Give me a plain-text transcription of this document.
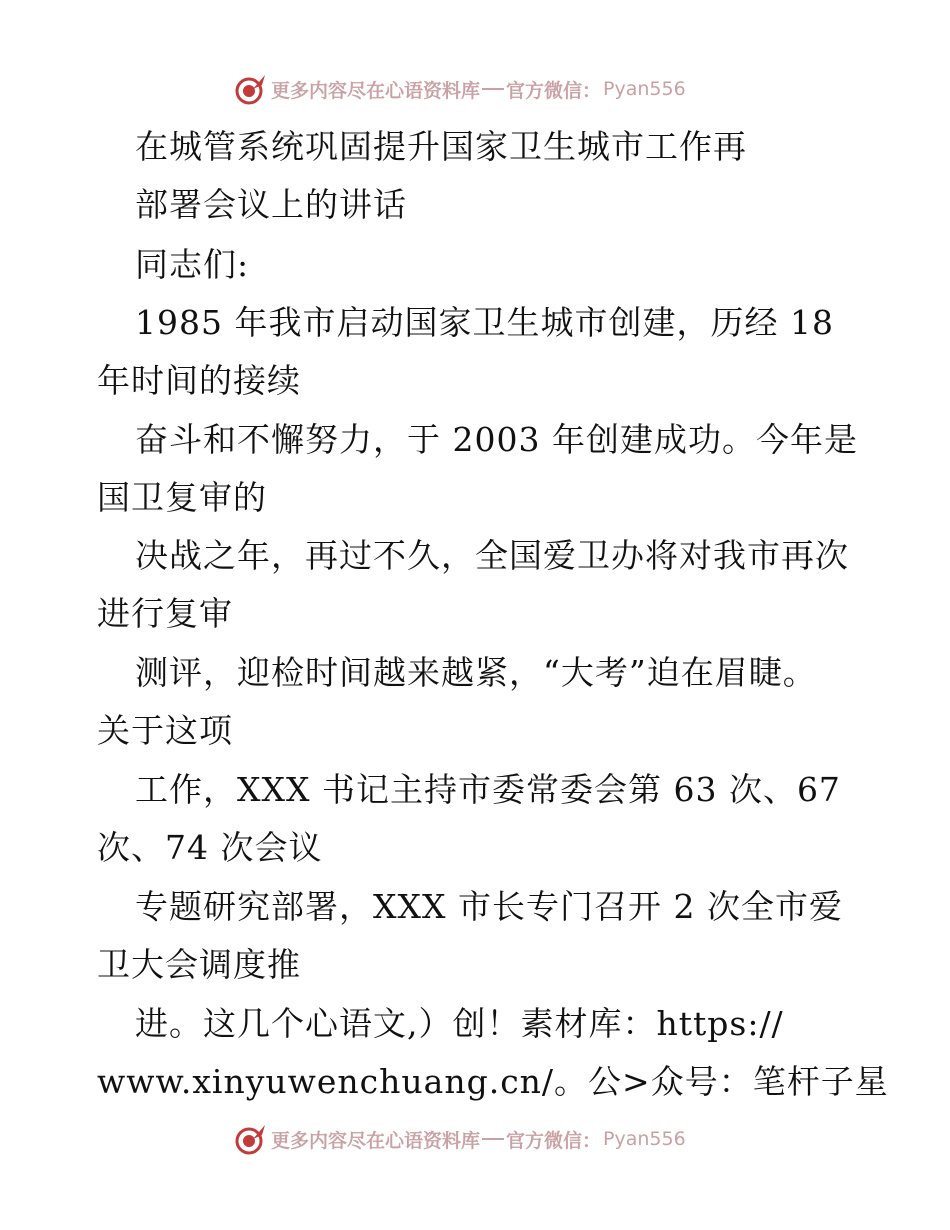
更多内容尽在心语资料库 官方微信： Pyan556
在城管系统巩固提升国家卫生城市工作再
部署会议上的讲话
同志们:
1985 年我市启动国家卫生城市创建，历经 18
年时间的接续
奋斗和不懈努力，于 2003 年创建成功。今年是
国卫复审的
决战之年，再过不久，全国爱卫办将对我市再次
进行复审
测评，迎检时间越来越紧，“大考”迫在眉睫。
关于这项
工作，XXX 书记主持市委常委会第 63 次、67
次、74 次会议
专题研究部署，XXX 市长专门召开 2 次全市爱
卫大会调度推
进。这几个心语文,）创！素材库：https://
www.xinyuwenchuang.cn/。公>众号：笔杆子星
更多内容尽在心语资料库 官方微信： Pyan556
